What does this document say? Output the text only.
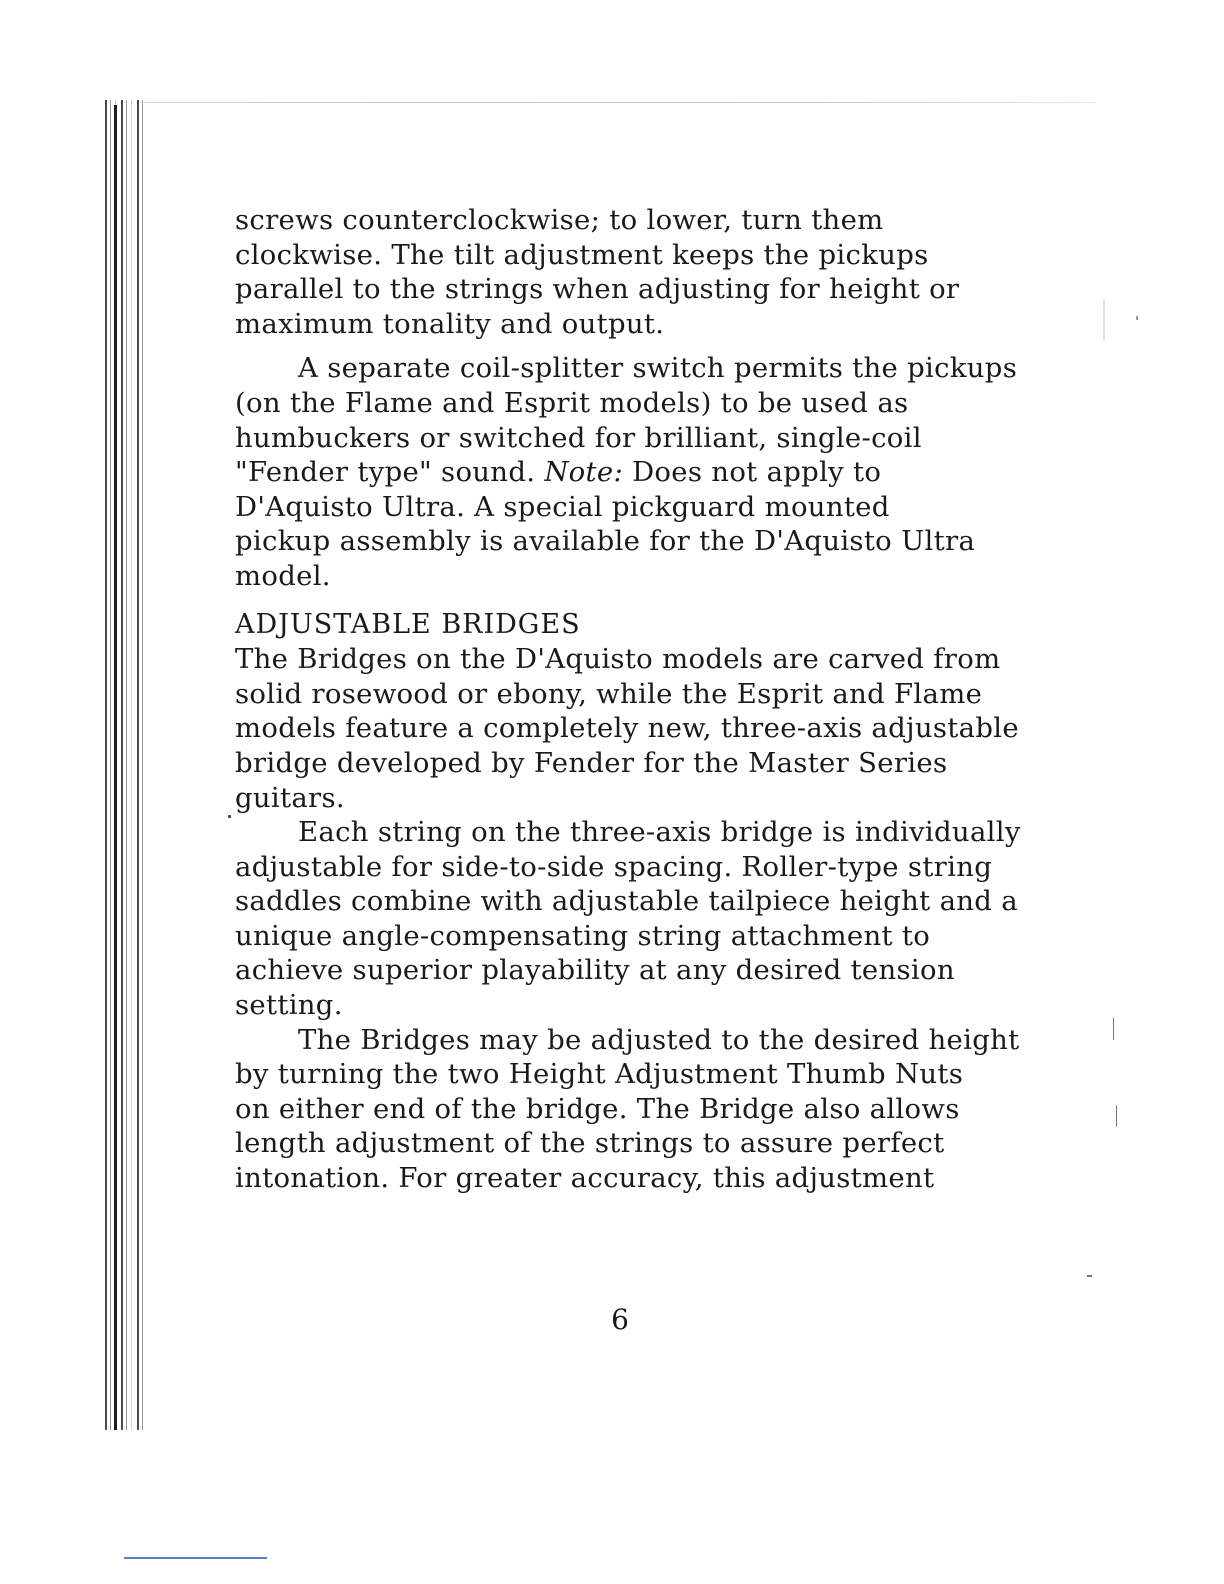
screws counterclockwise; to lower, turn them
clockwise. The tilt adjustment keeps the pickups
parallel to the strings when adjusting for height or
maximum tonality and output.
A separate coil-splitter switch permits the pickups
(on the Flame and Esprit models) to be used as
humbuckers or switched for brilliant, single-coil
"Fender type" sound. Note: Does not apply to
D'Aquisto Ultra. A special pickguard mounted
pickup assembly is available for the D'Aquisto Ultra
model.
ADJUSTABLE BRIDGES
The Bridges on the D'Aquisto models are carved from
solid rosewood or ebony, while the Esprit and Flame
models feature a completely new, three-axis adjustable
bridge developed by Fender for the Master Series
guitars.
Each string on the three-axis bridge is individually
adjustable for side-to-side spacing. Roller-type string
saddles combine with adjustable tailpiece height and a
unique angle-compensating string attachment to
achieve superior playability at any desired tension
setting.
The Bridges may be adjusted to the desired height
by turning the two Height Adjustment Thumb Nuts
on either end of the bridge. The Bridge also allows
length adjustment of the strings to assure perfect
intonation. For greater accuracy, this adjustment
6
